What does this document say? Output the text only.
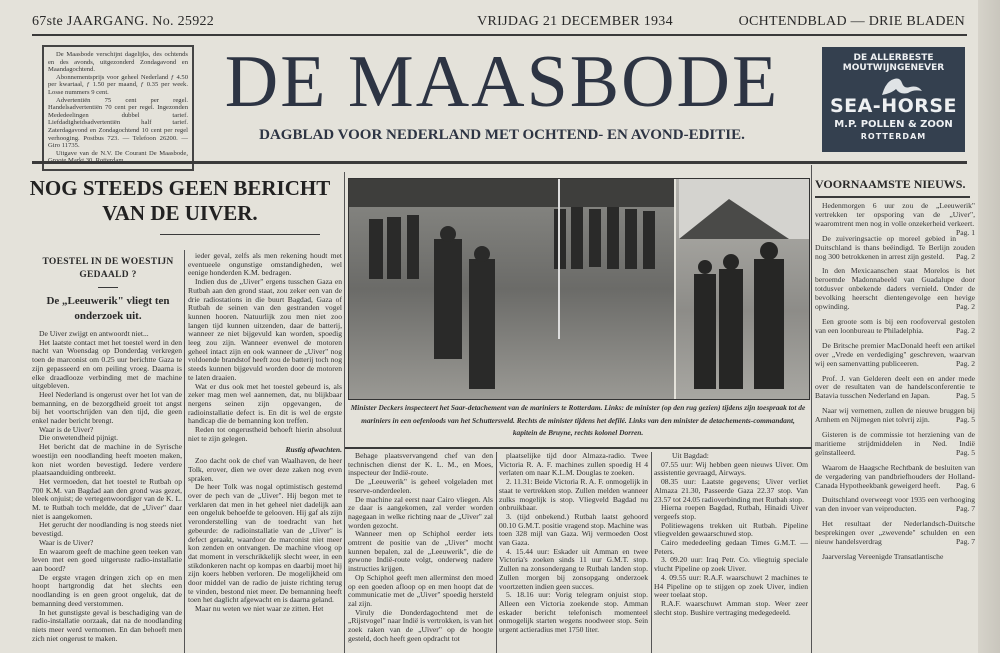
67ste JAARGANG. No. 25922	VRIJDAG 21 DECEMBER 1934	OCHTENDBLAD — DRIE BLADEN

De Maasbode verschijnt dagelijks, des ochtends en des avonds, uitgezonderd Zondagavond en Maandagochtend.

Abonnementsprijs voor geheel Nederland ƒ 4.50 per kwartaal, ƒ 1.50 per maand, ƒ 0.35 per week. Losse nummers 9 cent.

Advertentiën 75 cent per regel. Handelsadvertentiën 70 cent per regel. Ingezonden Mededeelingen dubbel tarief. Liefdadigheidsadvertentiën half tarief. Zaterdagavond en Zondagochtend 10 cent per regel verhooging. Postbus 723. — Telefoon 26200. — Giro 11735.

Uitgave van de N.V. De Courant De Maasbode,

DE MAASBODE
DAGBLAD VOOR NEDERLAND MET OCHTEND- EN AVOND-EDITIE.
DE ALLERBESTE
MOUTWIJNGENEVER
SEA-HORSE
M.P. POLLEN & ZOON
ROTTERDAM
NOG STEEDS GEEN BERICHT
VAN DE UIVER.
TOESTEL IN DE WOESTIJN GEDAALD ?
De „Leeuwerik" vliegt ten onderzoek uit.

De Uiver zwijgt en antwoordt niet...

Het laatste contact met het toestel werd in den nacht van Woensdag op Donderdag verkregen toen de marconist om 0.25 uur berichtte Gaza te zijn gepasseerd en om peiling vroeg. Daarna is elke draadlooze verbinding met de machine uitgebleven.

Heel Nederland is ongerust over het lot van de bemanning, en de bezorgdheid groeit tot angst bij het voortschrijden van den tijd, die geen enkel nader bericht brengt.

Waar is de Uiver?

Die onwetendheid pijnigt.

Het bericht dat de machine in de Syrische woestijn een noodlanding heeft moeten maken, kon niet worden bevestigd. Iedere verdere plaatsaanduiding ontbreekt.

Het vermoeden, dat het toestel te Rutbah op 700 K.M. van Bagdad aan den grond was gezet, bleek onjuist; de vertegenwoordiger van de K. L. M. te Rutbah toch meldde, dat de „Uiver" daar niet is aangekomen.

Het gerucht der noodlanding is nog steeds niet bevestigd.

Waar is de Uiver?

En waarom geeft de machine geen teeken van leven met een goed uitgeruste radio-installatie aan boord?

De ergste vragen dringen zich op en men hoopt hartgrondig dat het slechts een noodlanding is en geen groot ongeluk, dat de bemanning deed verstommen.

In het gunstigste geval is beschadiging van de radio-installatie oorzaak, dat na de noodlanding niets meer werd vernomen. En dan behoeft men zich niet ongerust te maken.

ieder geval, zelfs als men rekening houdt met eventueele ongunstige omstandigheden, wel eenige honderden K.M. bedragen.

Indien dus de „Uiver" ergens tusschen Gaza en Rutbah aan den grond staat, zou zeker een van de drie radiostations in die buurt Bagdad, Gaza of Rutbah de seinen van den gestranden vogel kunnen hooren. Natuurlijk zou men niet zoo langen tijd kunnen uitzenden, daar de batterij, wanneer ze niet bijgevuld kan worden, spoedig leeg zou zijn. Wanneer evenwel de motoren geheel intact zijn en ook wanneer de „Uiver" nog voldoende brandstof heeft zou de batterij toch nog steeds kunnen bijgevuld worden door de motoren te laten draaien.

Wat er dus ook met het toestel gebeurd is, als zeker mag men wel aannemen, dat, nu blijkbaar nergens seinen zijn opgevangen, de radioinstallatie defect is. En dit is wel de ergste handicap die de bemanning kon treffen.

Reden tot ongerustheid behoeft hierin absoluut niet te zijn gelegen.

Rustig afwachten.

Zoo dacht ook de chef van Waalhaven, de heer Tolk, erover, dien we over deze zaken nog even spraken.

De heer Tolk was nogal optimistisch gestemd over de pech van de „Uiver". Hij begon met te verklaren dat men in het geheel niet dadelijk aan een ongeluk behoefde te gelooven. Hij gaf als zijn veronderstelling van de toedracht van het gebeurde: de radioinstallatie van de „Uiver" is defect geraakt, waardoor de marconist niet meer kon zenden en ontvangen. De machine vloog op dat moment in verschrikkelijk slecht weer, in een stikdonkeren nacht op kompas en daarbij moet hij zijn koers hebben verloren. De mogelijkheid om door middel van de radio de juiste richting terug te vinden, bestond niet meer. De bemanning heeft toen het daglicht afgewacht en is daarna geland.

Maar nu weten we niet waar ze zitten. Het

Minister Deckers inspecteert het Saar-detachement van de mariniers te Rotterdam. Links: de minister (op den rug gezien) tijdens zijn toespraak tot de mariniers in een oefenloods van het Schuttersveld. Rechts de minister tijdens het defilé. Links van den minister de detachements-commandant, kapitein de Bruyne, rechts kolonel Dorren.

Behage plaatsvervangend chef van den technischen dienst der K. L. M., en Moes, inspecteur der Indië-route.

De „Leeuwerik" is geheel volgeladen met reserve-onderdeelen.

De machine zal eerst naar Cairo vliegen. Als ze daar is aangekomen, zal verder worden nagegaan in welke richting naar de „Uiver" zal worden gezocht.

Wanneer men op Schiphol eerder iets omtrent de positie van de „Uiver" mocht kunnen bepalen, zal de „Leeuwerik", die de gewone Indië-route volgt, onderweg nadere instructies krijgen.

Op Schiphol geeft men allerminst den moed op een goeden afloop op en men hoopt dat de communicatie met de „Uiver" spoedig hersteld zal zijn.

Viruly die Donderdagochtend met de „Rijstvogel" naar Indië is vertrokken, is van het zoek raken van de „Uiver" op de hoogte gesteld, doch heeft geen opdracht tot

plaatselijke tijd door Almaza-radio. Twee Victoria R. A. F. machines zullen spoedig H 4 verlaten om naar K.L.M. Douglas te zoeken.

2. 11.31: Beide Victoria R. A. F. onmogelijk in staat te vertrekken stop. Zullen melden wanneer zulks mogelijk is stop. Vliegveld Bagdad nu onbruikbaar.

3. (tijd onbekend.) Rutbah laatst gehoord 00.10 G.M.T. positie vragend stop. Machine was toen 328 mijl van Gaza. Wij vermoeden Oost van Gaza.

4. 15.44 uur: Eskader uit Amman en twee Victoria's zoeken sinds 11 uur G.M.T. stop. Zullen na zonsondergang te Rutbah landen stop. Zullen morgen bij zonsopgang onderzoek voortzetten indien geen succes.

5. 18.16 uur: Vorig telegram onjuist stop. Alleen een Victoria zoekende stop. Amman eskader bericht telefonisch momenteel onmogelijk starten wegens noodweer stop. Sein urgent actieradius met 1750 liter.

Uit Bagdad:

07.55 uur: Wij hebben geen nieuws Uiver. Om assistentie gevraagd, Airways.

08.35 uur: Laatste gegevens; Uiver verliet Almaza 21.30, Passeerde Gaza 22.37 stop. Van 23.57 tot 24.05 radioverbinding met Rutbah stop.

Hierna roepen Bagdad, Rutbah, Hinaidi Uiver vergeefs stop.

Politiewagens trekken uit Rutbah. Pipeline vliegvelden gewaarschuwd stop.

Cairo mededeeling gedaan Times G.M.T. — Peters.

3. 09.20 uur: Iraq Petr. Co. vliegtuig speciale vlucht Pipeline op zoek Uiver.

4. 09.55 uur: R.A.F. waarschuwt 2 machines te H4 Pipeline op te stijgen op zoek Uiver, indien weer toelaat stop.

R.A.F. waarschuwt Amman stop. Weer zeer slecht stop. Bushire vertraging medegedeeld.

VOORNAAMSTE NIEUWS.
Hedenmorgen 6 uur zou de „Leeuwerik" vertrekken ter opsporing van de „Uiver", waaromtrent men nog in volle onzekerheid verkeert.
Pag. 1
De zuiveringsactie op moreel gebied in Duitschland is thans beëindigd. Te Berlijn zouden nog 300 betrokkenen in arrest zijn gesteld. Pag. 2
In den Mexicaanschen staat Morelos is het beroemde Madonnabeeld van Guadalupe door totdusver onbekende daders vernield. Onder de bevolking heerscht dientengevolge een hevige opwinding.	Pag. 2
Een groote som is bij een roofoverval gestolen van een loonbureau te Philadelphia.	Pag. 2
De Britsche premier MacDonald heeft een artikel over „Vrede en verdediging" geschreven, waarvan wij een samenvatting publiceeren.	Pag. 2
Prof. J. van Gelderen deelt een en ander mede over de resultaten van de handelsconferentie te Batavia tusschen Nederland en Japan.	Pag. 5
Naar wij vernemen, zullen de nieuwe bruggen bij Arnhem en Nijmegen niet tolvrij zijn.	Pag. 5
Gisteren is de commissie tot herziening van de maritieme strijdmiddelen in Ned. Indië geïnstalleerd.	Pag. 5
Waarom de Haagsche Rechtbank de besluiten van de vergadering van pandbriefhouders der Holland-Canada Hypotheekbank geweigerd heeft. Pag. 6
Duitschland overweegt voor 1935 een verhooging van den invoer van veiproducten.	Pag. 7
Het resultaat der Nederlandsch-Duitsche besprekingen over „zwevende" schulden en een nieuw handelsverdrag	Pag. 7
Jaarverslag Vereenigde Transatlantische
